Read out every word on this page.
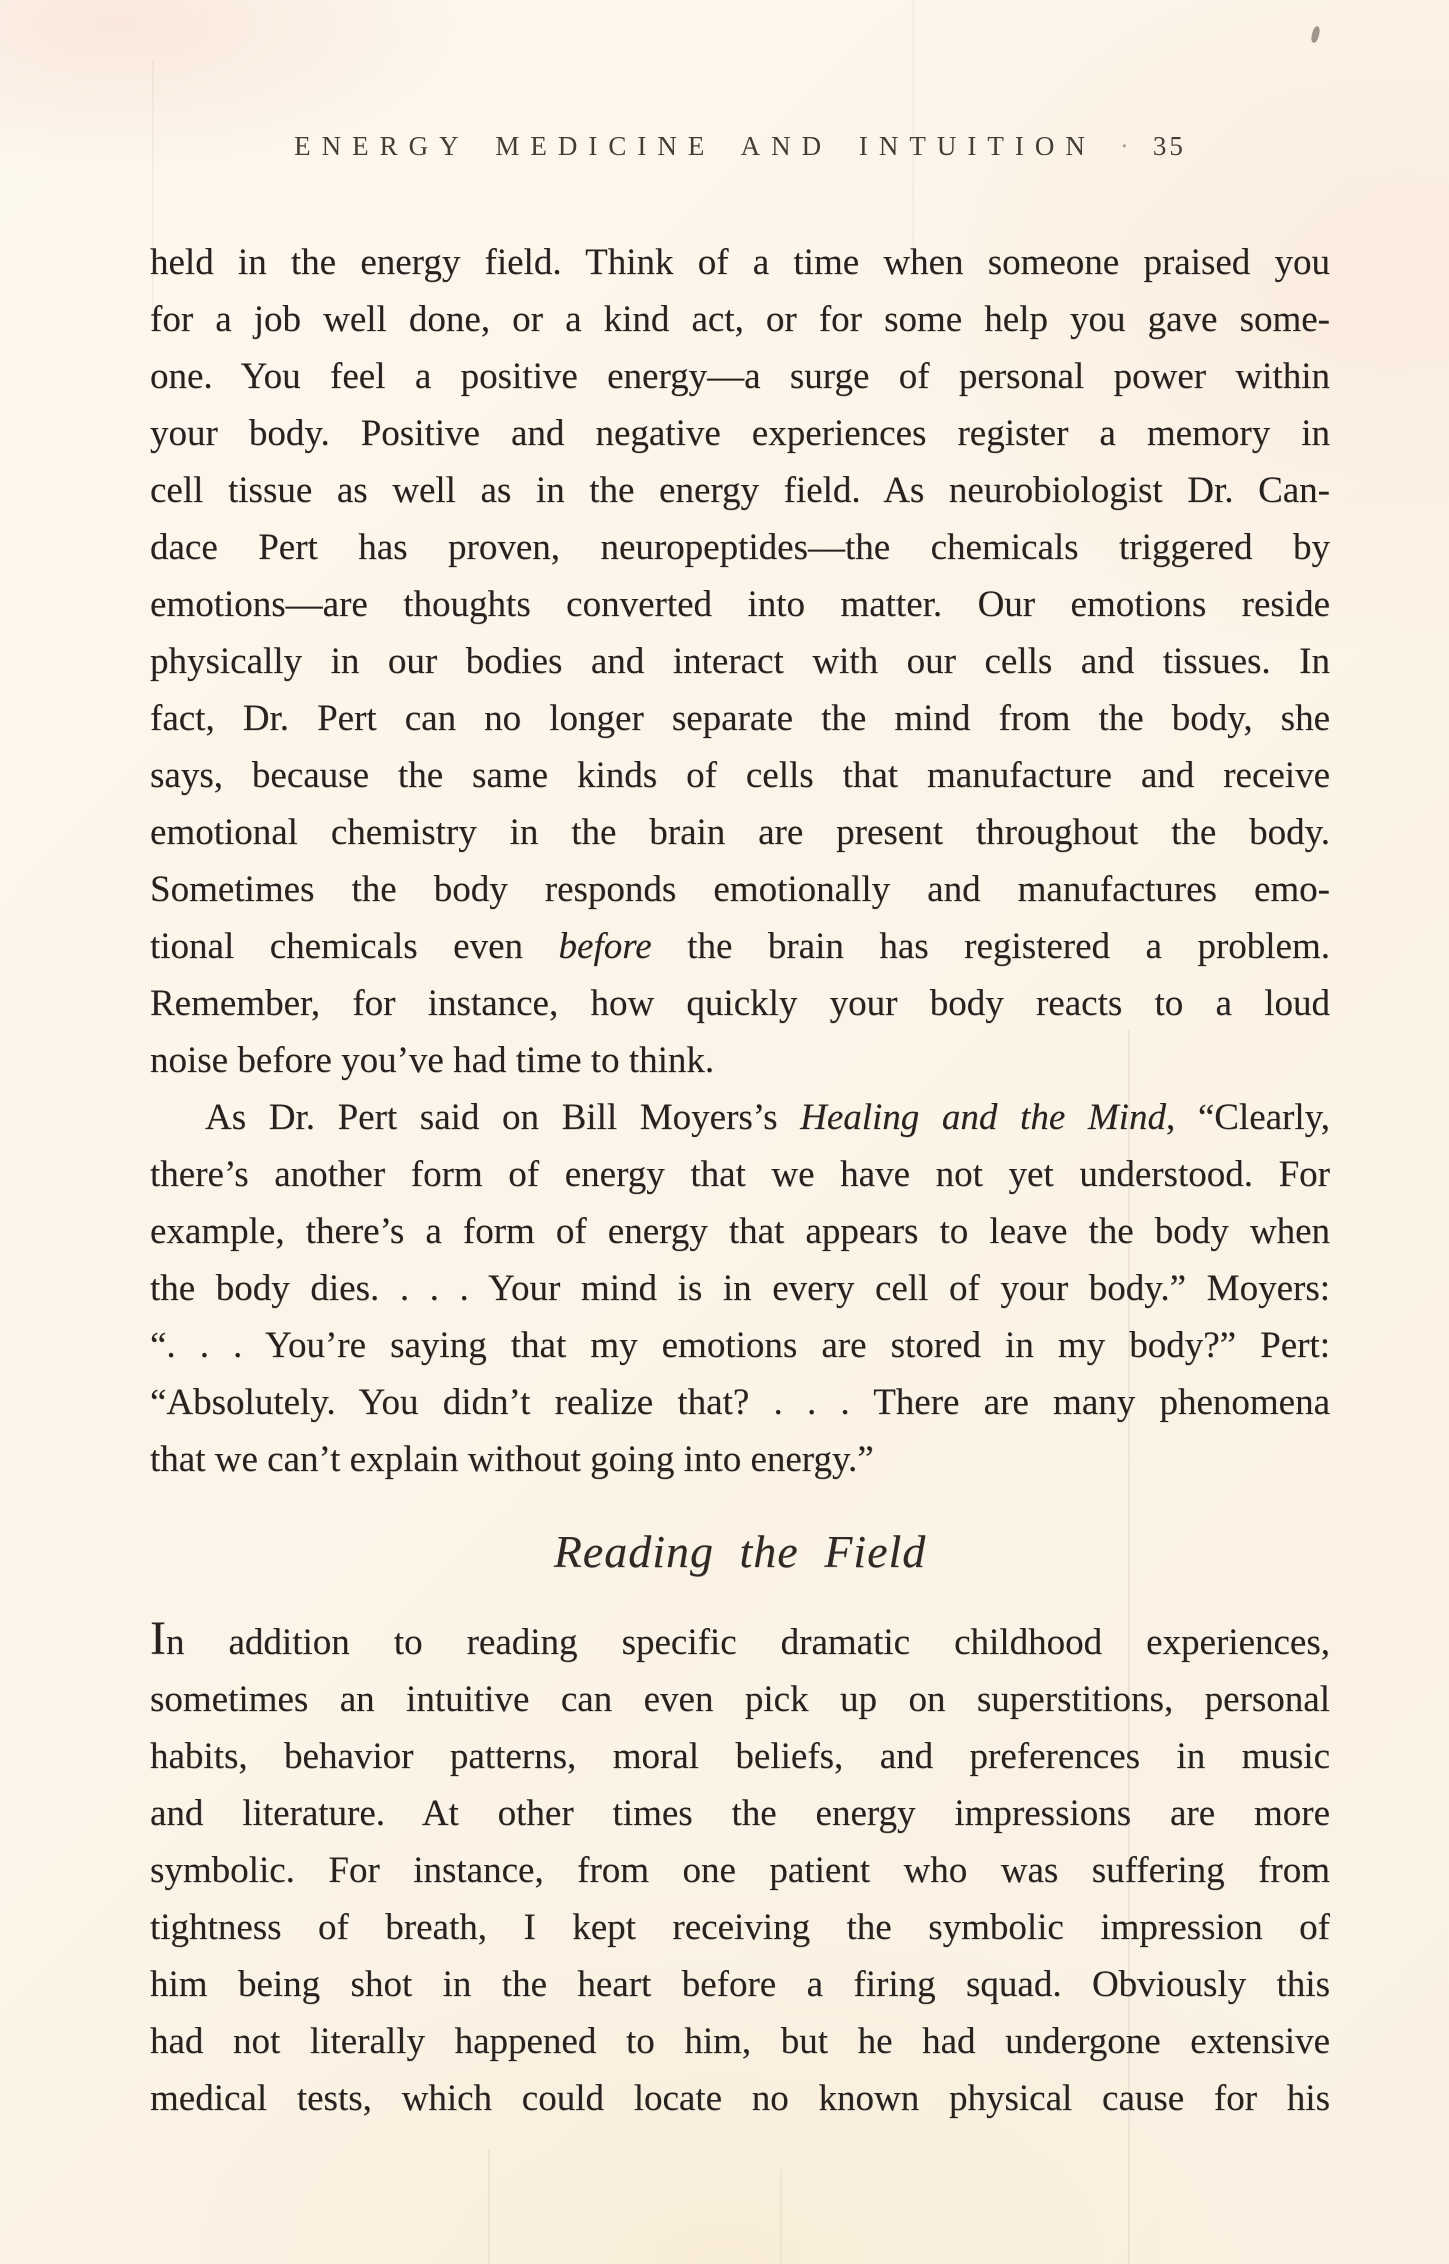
ENERGY MEDICINE AND INTUITION · 35
held in the energy field. Think of a time when someone praised you
for a job well done, or a kind act, or for some help you gave some-
one. You feel a positive energy—a surge of personal power within
your body. Positive and negative experiences register a memory in
cell tissue as well as in the energy field. As neurobiologist Dr. Can-
dace Pert has proven, neuropeptides—the chemicals triggered by
emotions—are thoughts converted into matter. Our emotions reside
physically in our bodies and interact with our cells and tissues. In
fact, Dr. Pert can no longer separate the mind from the body, she
says, because the same kinds of cells that manufacture and receive
emotional chemistry in the brain are present throughout the body.
Sometimes the body responds emotionally and manufactures emo-
tional chemicals even before the brain has registered a problem.
Remember, for instance, how quickly your body reacts to a loud
noise before you’ve had time to think.
As Dr. Pert said on Bill Moyers’s Healing and the Mind, “Clearly,
there’s another form of energy that we have not yet understood. For
example, there’s a form of energy that appears to leave the body when
the body dies. . . . Your mind is in every cell of your body.” Moyers:
“. . . You’re saying that my emotions are stored in my body?” Pert:
“Absolutely. You didn’t realize that? . . . There are many phenomena
that we can’t explain without going into energy.”
Reading the Field
In addition to reading specific dramatic childhood experiences,
sometimes an intuitive can even pick up on superstitions, personal
habits, behavior patterns, moral beliefs, and preferences in music
and literature. At other times the energy impressions are more
symbolic. For instance, from one patient who was suffering from
tightness of breath, I kept receiving the symbolic impression of
him being shot in the heart before a firing squad. Obviously this
had not literally happened to him, but he had undergone extensive
medical tests, which could locate no known physical cause for his
